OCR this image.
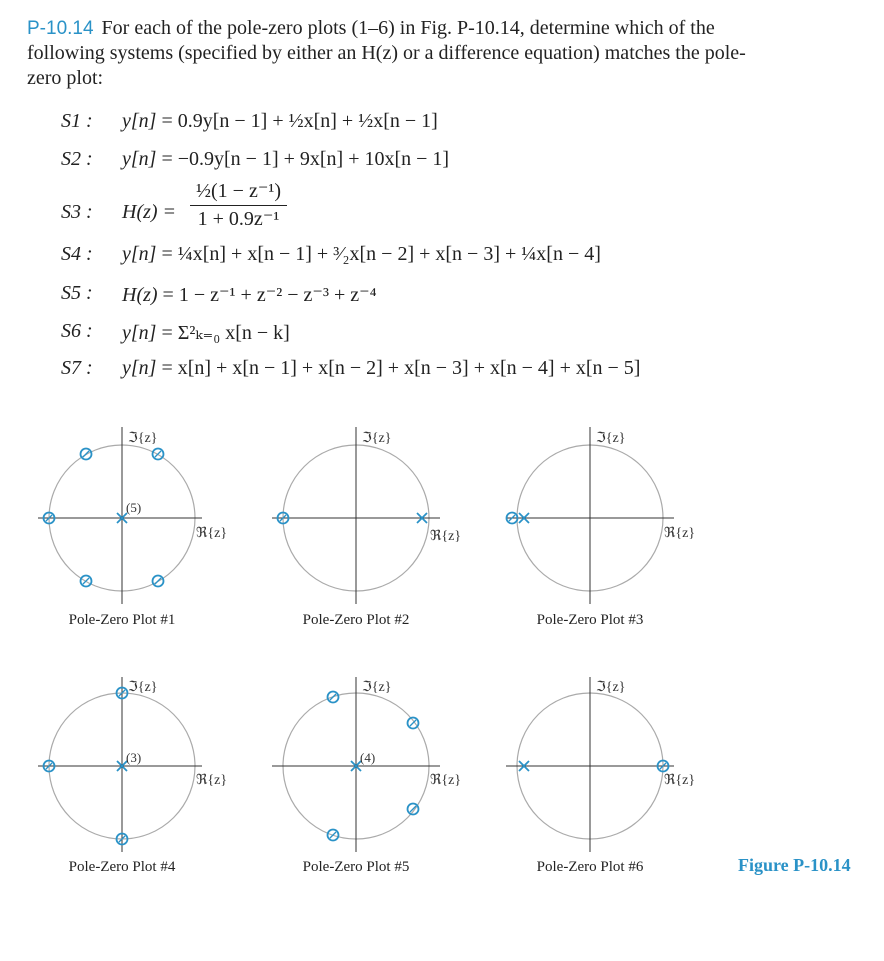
P-10.14 For each of the pole-zero plots (1–6) in Fig. P-10.14, determine which of the following systems (specified by either an H(z) or a difference equation) matches the pole-zero plot:
S1 : y[n] = 0.9y[n − 1] + ½x[n] + ½x[n − 1]
S2 : y[n] = −0.9y[n − 1] + 9x[n] + 10x[n − 1]
S3 : $H(z) = \frac{\text{½(1 − z⁻¹)}}{\text{1 + 0.9z⁻¹}}$
S4 : y[n] = ¼x[n] + x[n − 1] + ³⁄₂x[n − 2] + x[n − 3] + ¼x[n − 4]
S5 : H(z) = 1 − z⁻¹ + z⁻² − z⁻³ + z⁻⁴
S6 : y[n] = Σ²ₖ₌₀ x[n − k]
S7 : y[n] = x[n] + x[n − 1] + x[n − 2] + x[n − 3] + x[n − 4] + x[n − 5]
ℑ{z}
ℜ{z}
ℑ{z}
ℜ{z}
ℑ{z}
ℜ{z}
ℑ{z}
ℜ{z}
ℑ{z}
ℜ{z}
ℑ{z}
ℜ{z}
(5)
(3)	(4)
Pole-Zero Plot #1	Pole-Zero Plot #2	Pole-Zero Plot #3
Pole-Zero Plot #4	Pole-Zero Plot #5	Pole-Zero Plot #6	Figure P-10.14
